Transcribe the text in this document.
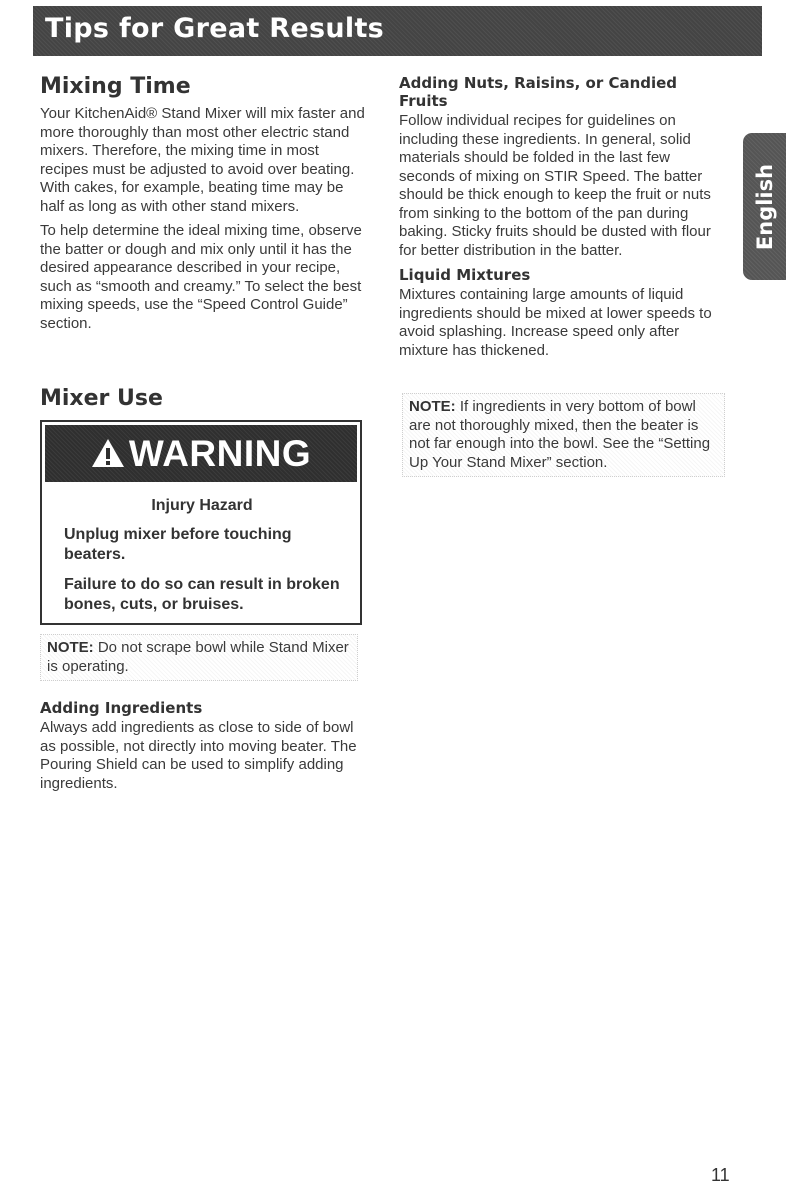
Tips for Great Results
English
Mixing Time

Your KitchenAid® Stand Mixer will mix faster and more thoroughly than most other electric stand mixers. Therefore, the mixing time in most recipes must be adjusted to avoid over beating. With cakes, for example, beating time may be half as long as with other stand mixers.

To help determine the ideal mixing time, observe the batter or dough and mix only until it has the desired appearance described in your recipe, such as “smooth and creamy.” To select the best mixing speeds, use the “Speed Control Guide” section.

Mixer Use
WARNING

Injury Hazard

Unplug mixer before touching beaters.

Failure to do so can result in broken bones, cuts, or bruises.

NOTE: Do not scrape bowl while Stand Mixer is operating.
Adding Ingredients

Always add ingredients as close to side of bowl as possible, not directly into moving beater. The Pouring Shield can be used to simplify adding ingredients.

Adding Nuts, Raisins, or Candied Fruits

Follow individual recipes for guidelines on including these ingredients. In general, solid materials should be folded in the last few seconds of mixing on STIR Speed. The batter should be thick enough to keep the fruit or nuts from sinking to the bottom of the pan during baking. Sticky fruits should be dusted with flour for better distribution in the batter.

Liquid Mixtures

Mixtures containing large amounts of liquid ingredients should be mixed at lower speeds to avoid splashing. Increase speed only after mixture has thickened.

NOTE: If ingredients in very bottom of bowl are not thoroughly mixed, then the beater is not far enough into the bowl. See the “Setting Up Your Stand Mixer” section.
11
